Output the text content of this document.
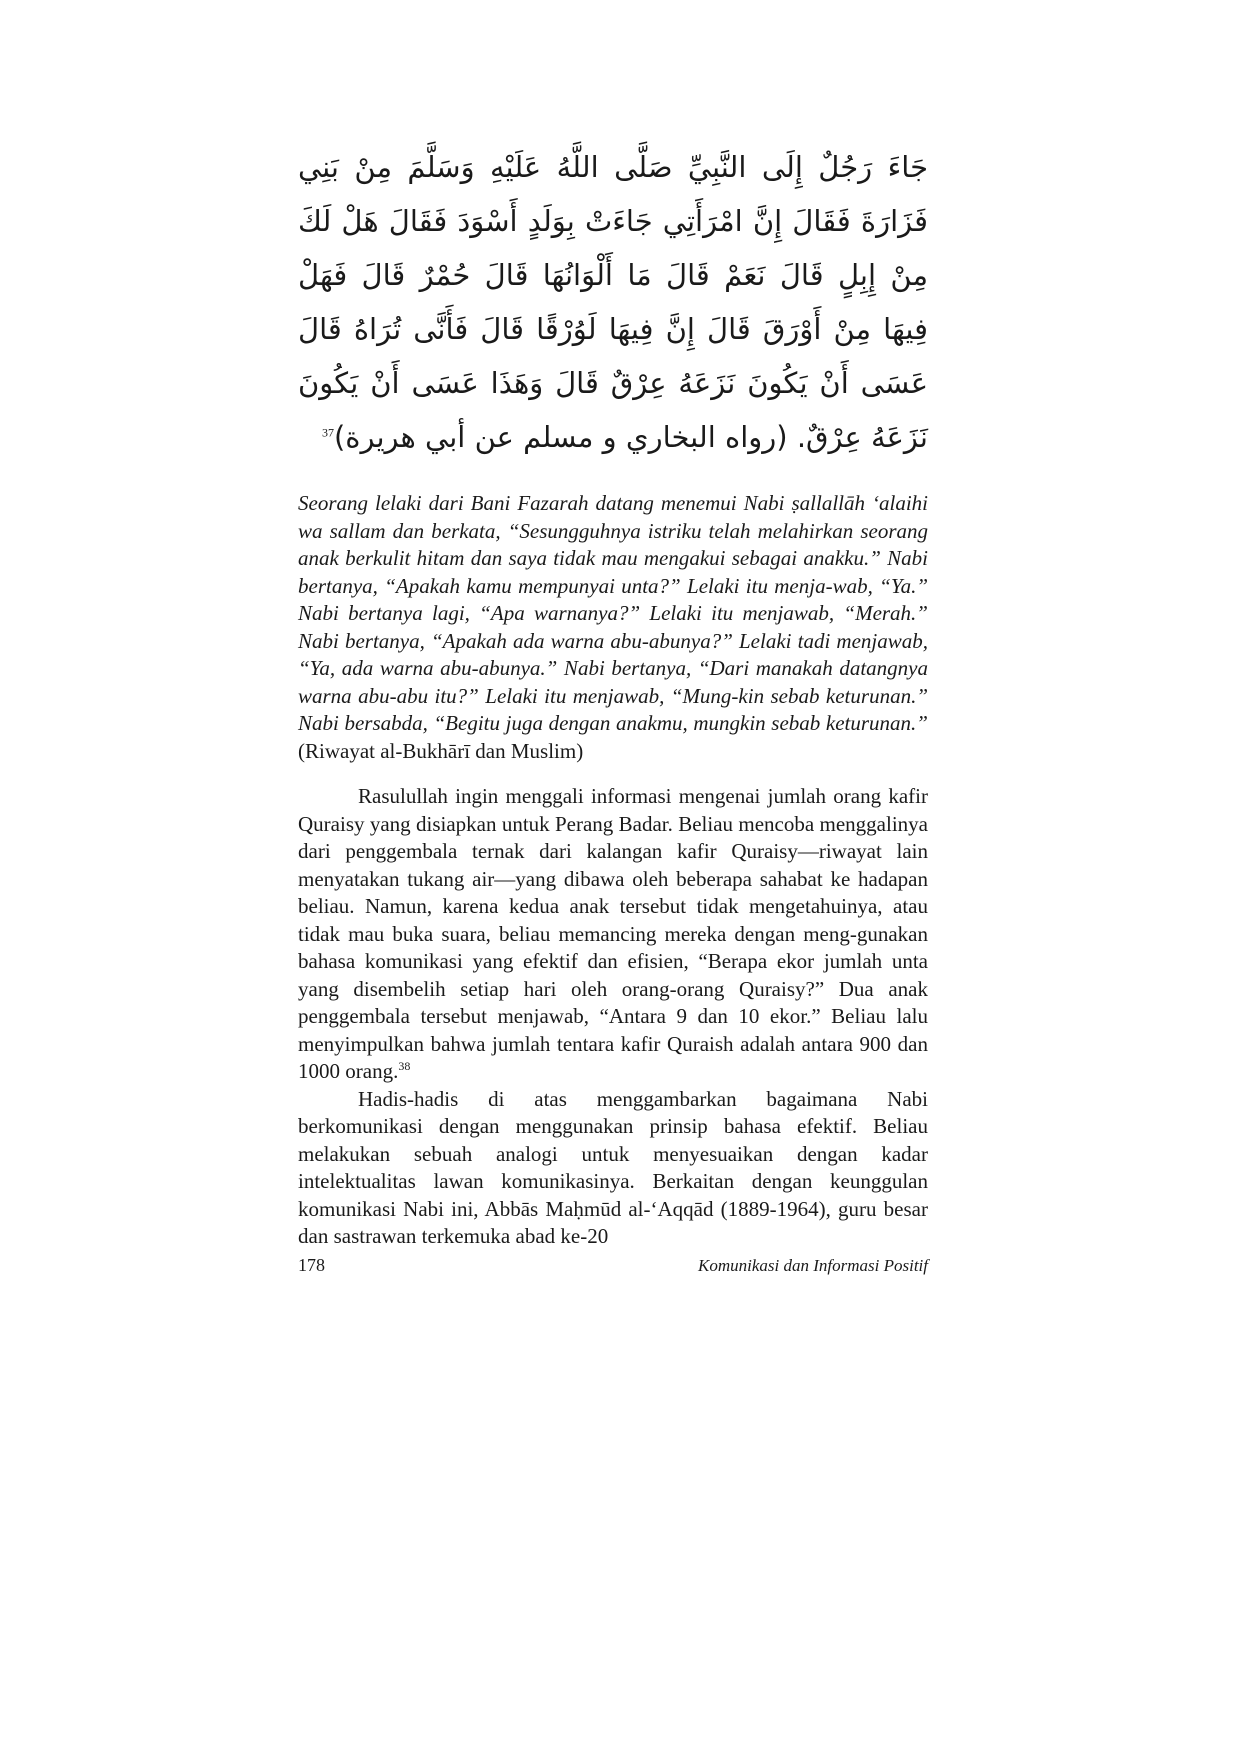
جَاءَ رَجُلٌ إِلَى النَّبِيِّ صَلَّى اللَّهُ عَلَيْهِ وَسَلَّمَ مِنْ بَنِي فَزَارَةَ فَقَالَ إِنَّ امْرَأَتِي جَاءَتْ بِوَلَدٍ أَسْوَدَ فَقَالَ هَلْ لَكَ مِنْ إِبِلٍ قَالَ نَعَمْ قَالَ مَا أَلْوَانُهَا قَالَ حُمْرٌ قَالَ فَهَلْ فِيهَا مِنْ أَوْرَقَ قَالَ إِنَّ فِيهَا لَوُرْقًا قَالَ فَأَنَّى تُرَاهُ قَالَ عَسَى أَنْ يَكُونَ نَزَعَهُ عِرْقٌ قَالَ وَهَذَا عَسَى أَنْ يَكُونَ نَزَعَهُ عِرْقٌ. (رواه البخاري و مسلم عن أبي هريرة)$^{37}$

Seorang lelaki dari Bani Fazarah datang menemui Nabi ṣallallāh ‘alaihi wa sallam dan berkata, “Sesungguhnya istriku telah melahirkan seorang anak berkulit hitam dan saya tidak mau mengakui sebagai anakku.” Nabi bertanya, “Apakah kamu mempunyai unta?” Lelaki itu menja-wab, “Ya.” Nabi bertanya lagi, “Apa warnanya?” Lelaki itu menjawab, “Merah.” Nabi bertanya, “Apakah ada warna abu-abunya?” Lelaki tadi menjawab, “Ya, ada warna abu-abunya.” Nabi bertanya, “Dari manakah datangnya warna abu-abu itu?” Lelaki itu menjawab, “Mung-kin sebab keturunan.” Nabi bersabda, “Begitu juga dengan anakmu, mungkin sebab keturunan.” (Riwayat al-Bukhārī dan Muslim)

Rasulullah ingin menggali informasi mengenai jumlah orang kafir Quraisy yang disiapkan untuk Perang Badar. Beliau mencoba menggalinya dari penggembala ternak dari kalangan kafir Quraisy—riwayat lain menyatakan tukang air—yang dibawa oleh beberapa sahabat ke hadapan beliau. Namun, karena kedua anak tersebut tidak mengetahuinya, atau tidak mau buka suara, beliau memancing mereka dengan meng-gunakan bahasa komunikasi yang efektif dan efisien, “Berapa ekor jumlah unta yang disembelih setiap hari oleh orang-orang Quraisy?” Dua anak penggembala tersebut menjawab, “Antara 9 dan 10 ekor.” Beliau lalu menyimpulkan bahwa jumlah tentara kafir Quraish adalah antara 900 dan 1000 orang.$^{38}$

Hadis-hadis di atas menggambarkan bagaimana Nabi berkomunikasi dengan menggunakan prinsip bahasa efektif. Beliau melakukan sebuah analogi untuk menyesuaikan dengan kadar intelektualitas lawan komunikasinya. Berkaitan dengan keunggulan komunikasi Nabi ini, Abbās Maḥmūd al-‘Aqqād (1889-1964), guru besar dan sastrawan terkemuka abad ke-20

178	Komunikasi dan Informasi Positif
